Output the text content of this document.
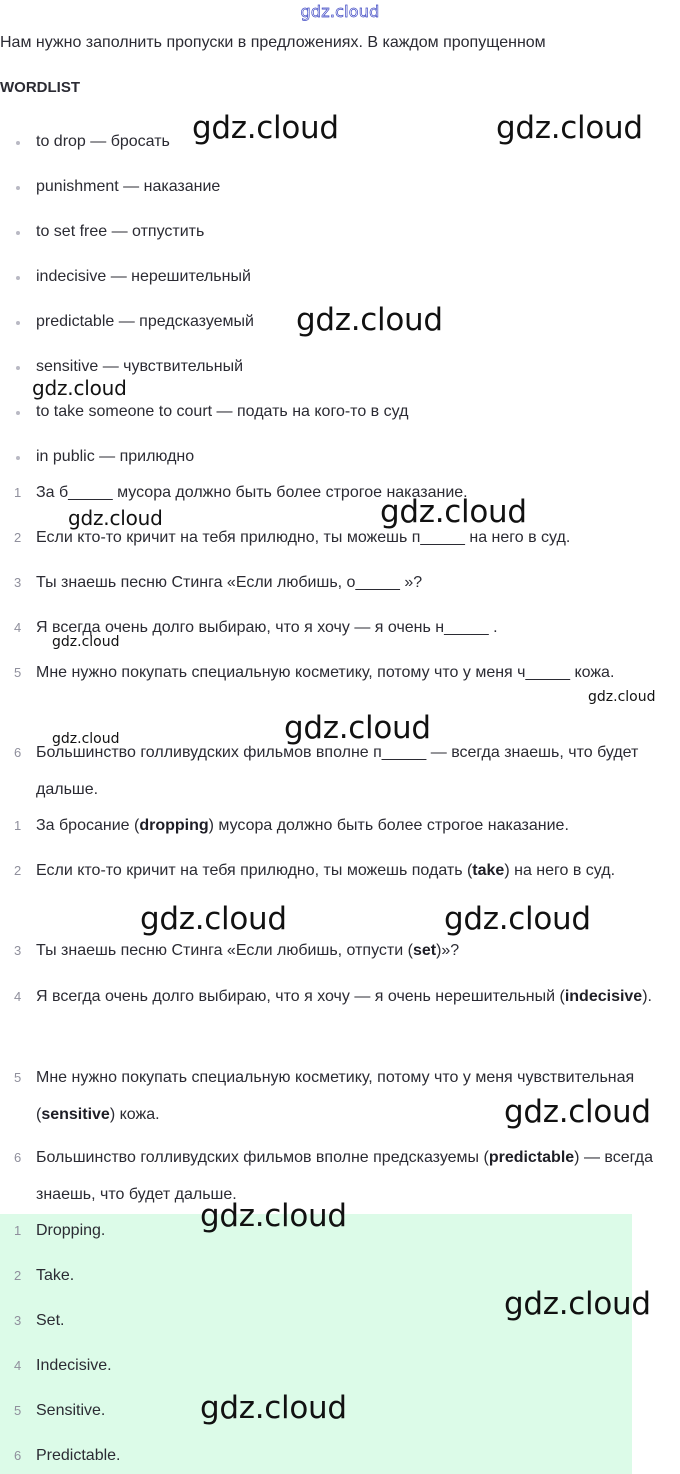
gdz.cloud
Нам нужно заполнить пропуски в предложениях. В каждом пропущенном
WORDLIST
to drop — бросать
punishment — наказание
to set free — отпустить
indecisive — нерешительный
predictable — предсказуемый
sensitive — чувствительный
to take someone to court — подать на кого-то в суд
in public — прилюдно
1 За б_____ мусора должно быть более строгое наказание.
2 Если кто-то кричит на тебя прилюдно, ты можешь п_____ на него в суд.
3 Ты знаешь песню Стинга «Если любишь, о_____ »?
4 Я всегда очень долго выбираю, что я хочу — я очень н_____ .
5 Мне нужно покупать специальную косметику, потому что у меня ч_____ кожа.
6 Большинство голливудских фильмов вполне п_____ — всегда знаешь, что будет дальше.
1 За бросание (dropping) мусора должно быть более строгое наказание.
2 Если кто-то кричит на тебя прилюдно, ты можешь подать (take) на него в суд.
3 Ты знаешь песню Стинга «Если любишь, отпусти (set)»?
4 Я всегда очень долго выбираю, что я хочу — я очень нерешительный (indecisive).
5 Мне нужно покупать специальную косметику, потому что у меня чувствительная (sensitive) кожа.
6 Большинство голливудских фильмов вполне предсказуемы (predictable) — всегда знаешь, что будет дальше.
1 Dropping.
2 Take.
3 Set.
4 Indecisive.
5 Sensitive.
6 Predictable.
gdz.cloud	gdz.cloud
gdz.cloud
gdz.cloud
gdz.cloud
gdz.cloud	gdz.cloud
gdz.cloud
gdz.cloud	gdz.cloud
gdz.cloud	gdz.cloud
gdz.cloud
gdz.cloud
gdz.cloud
gdz.cloud
